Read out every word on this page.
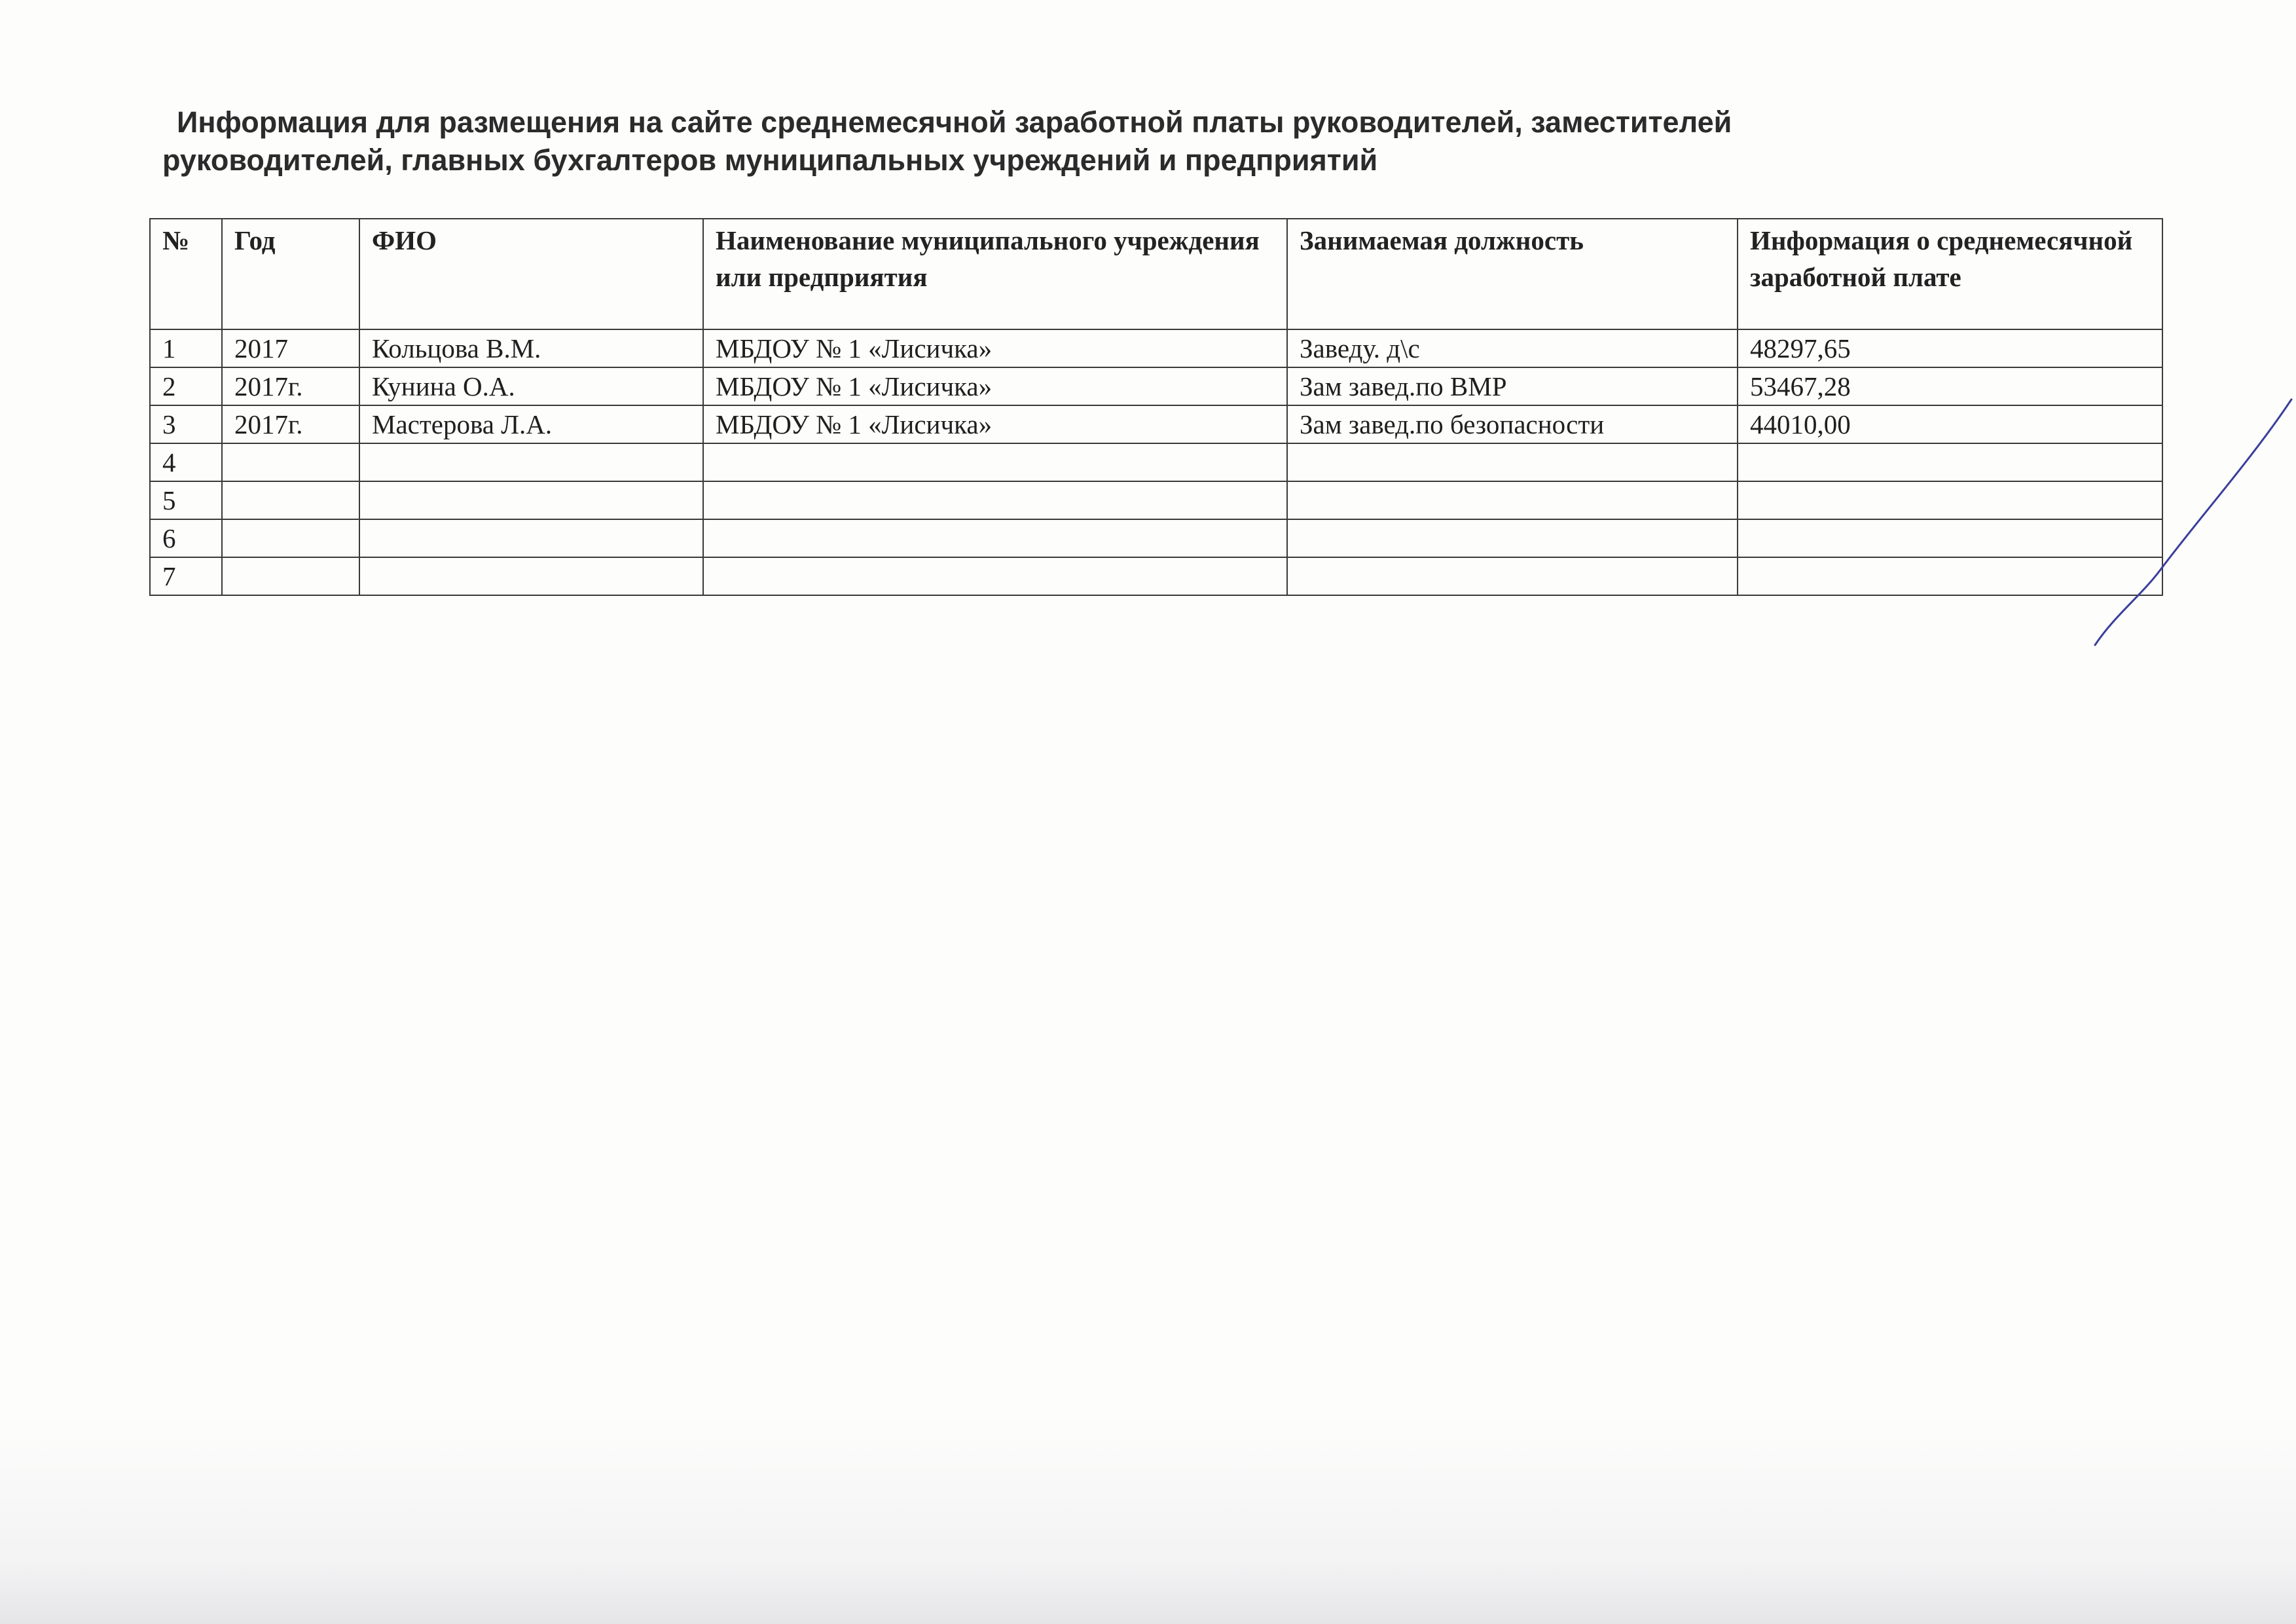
Информация для размещения на сайте среднемесячной заработной платы руководителей, заместителей
руководителей, главных бухгалтеров муниципальных учреждений и предприятий
№	Год	ФИО	Наименование муниципального учреждения или предприятия	Занимаемая должность	Информация о среднемесячной заработной плате
1	2017	Кольцова В.М.	МБДОУ № 1 «Лисичка»	Заведу. д\с	48297,65
2	2017г.	Кунина О.А.	МБДОУ № 1 «Лисичка»	Зам завед.по ВМР	53467,28
3	2017г.	Мастерова Л.А.	МБДОУ № 1 «Лисичка»	Зам завед.по безопасности	44010,00
4					
5					
6					
7					
